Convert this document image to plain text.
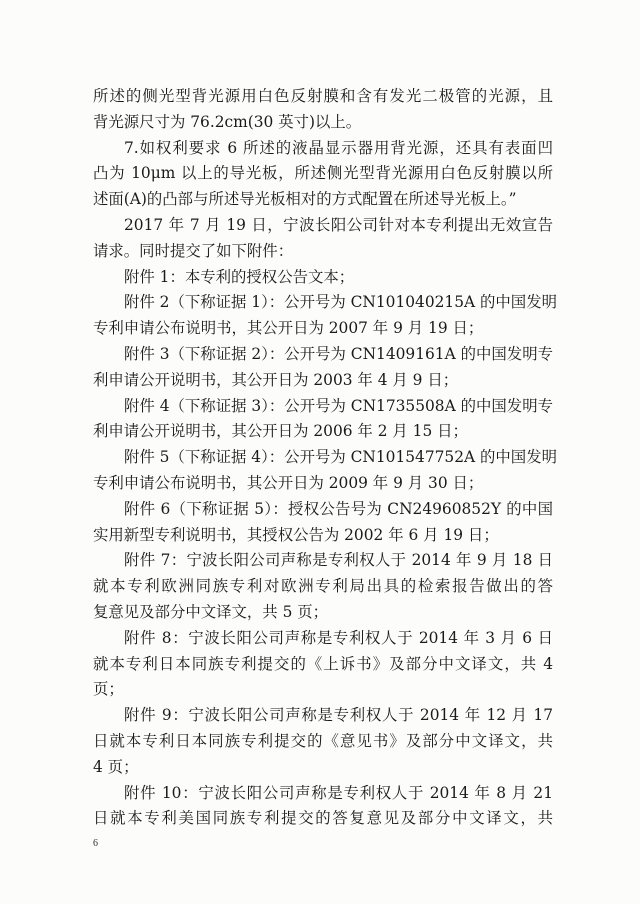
所述的侧光型背光源用白色反射膜和含有发光二极管的光源，且
背光源尺寸为 76.2cm(30 英寸)以上。
7.如权利要求 6 所述的液晶显示器用背光源，还具有表面凹
凸为 10μm 以上的导光板，所述侧光型背光源用白色反射膜以所
述面(A)的凸部与所述导光板相对的方式配置在所述导光板上。”
2017 年 7 月 19 日，宁波长阳公司针对本专利提出无效宣告
请求。同时提交了如下附件：
附件 1：本专利的授权公告文本；
附件 2（下称证据 1）：公开号为 CN101040215A 的中国发明
专利申请公布说明书，其公开日为 2007 年 9 月 19 日；
附件 3（下称证据 2）：公开号为 CN1409161A 的中国发明专
利申请公开说明书，其公开日为 2003 年 4 月 9 日；
附件 4（下称证据 3）：公开号为 CN1735508A 的中国发明专
利申请公开说明书，其公开日为 2006 年 2 月 15 日；
附件 5（下称证据 4）：公开号为 CN101547752A 的中国发明
专利申请公布说明书，其公开日为 2009 年 9 月 30 日；
附件 6（下称证据 5）：授权公告号为 CN24960852Y 的中国
实用新型专利说明书，其授权公告为 2002 年 6 月 19 日；
附件 7：宁波长阳公司声称是专利权人于 2014 年 9 月 18 日
就本专利欧洲同族专利对欧洲专利局出具的检索报告做出的答
复意见及部分中文译文，共 5 页；
附件 8：宁波长阳公司声称是专利权人于 2014 年 3 月 6 日
就本专利日本同族专利提交的《上诉书》及部分中文译文，共 4
页；
附件 9：宁波长阳公司声称是专利权人于 2014 年 12 月 17
日就本专利日本同族专利提交的《意见书》及部分中文译文，共
4 页；
附件 10：宁波长阳公司声称是专利权人于 2014 年 8 月 21
日就本专利美国同族专利提交的答复意见及部分中文译文，共
6
